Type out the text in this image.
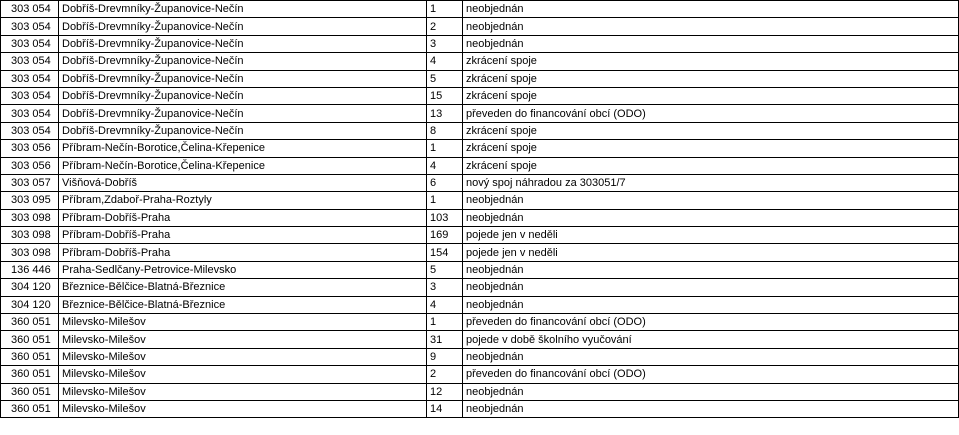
303 054	Dobříš-Drevmníky-Županovice-Nečín	1	neobjednán
303 054	Dobříš-Drevmníky-Županovice-Nečín	2	neobjednán
303 054	Dobříš-Drevmníky-Županovice-Nečín	3	neobjednán
303 054	Dobříš-Drevmníky-Županovice-Nečín	4	zkrácení spoje
303 054	Dobříš-Drevmníky-Županovice-Nečín	5	zkrácení spoje
303 054	Dobříš-Drevmníky-Županovice-Nečín	15	zkrácení spoje
303 054	Dobříš-Drevmníky-Županovice-Nečín	13	převeden do financování obcí (ODO)
303 054	Dobříš-Drevmníky-Županovice-Nečín	8	zkrácení spoje
303 056	Příbram-Nečín-Borotice,Čelina-Křepenice	1	zkrácení spoje
303 056	Příbram-Nečín-Borotice,Čelina-Křepenice	4	zkrácení spoje
303 057	Višňová-Dobříš	6	nový spoj náhradou za 303051/7
303 095	Příbram,Zdaboř-Praha-Roztyly	1	neobjednán
303 098	Příbram-Dobříš-Praha	103	neobjednán
303 098	Příbram-Dobříš-Praha	169	pojede jen v neděli
303 098	Příbram-Dobříš-Praha	154	pojede jen v neděli
136 446	Praha-Sedlčany-Petrovice-Milevsko	5	neobjednán
304 120	Březnice-Bělčice-Blatná-Březnice	3	neobjednán
304 120	Březnice-Bělčice-Blatná-Březnice	4	neobjednán
360 051	Milevsko-Milešov	1	převeden do financování obcí (ODO)
360 051	Milevsko-Milešov	31	pojede v době školního vyučování
360 051	Milevsko-Milešov	9	neobjednán
360 051	Milevsko-Milešov	2	převeden do financování obcí (ODO)
360 051	Milevsko-Milešov	12	neobjednán
360 051	Milevsko-Milešov	14	neobjednán
